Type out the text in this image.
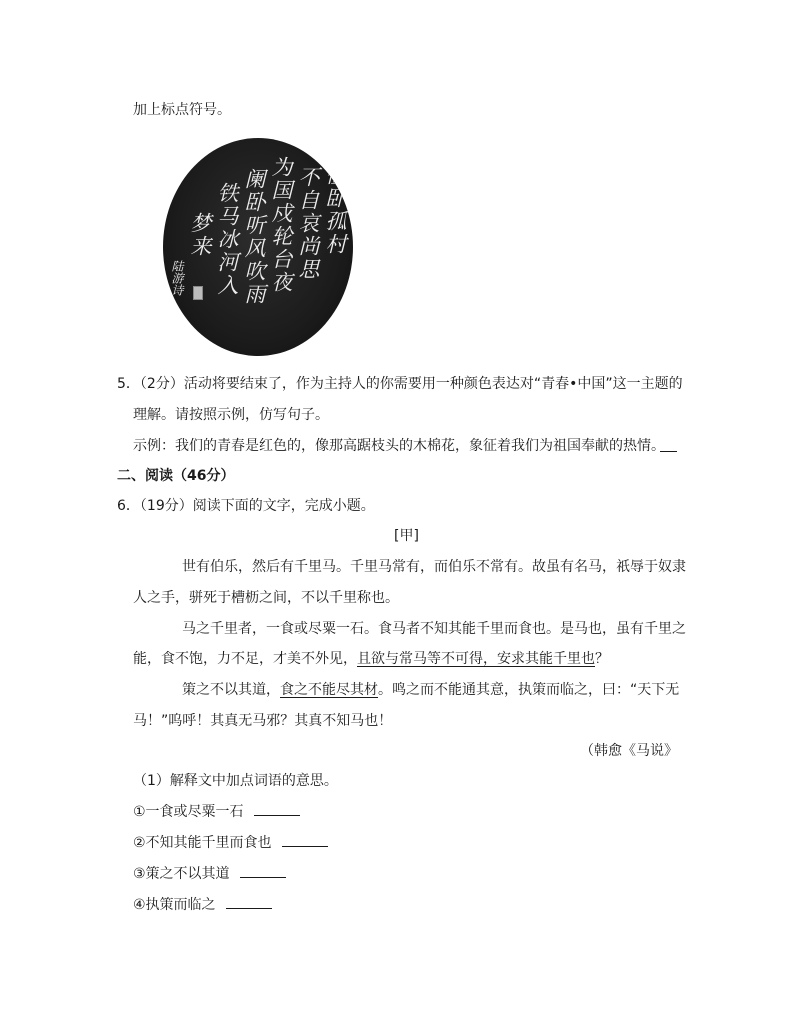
加上标点符号。
僵卧孤村
不自哀尚思
为国戍轮台夜
阑卧听风吹雨
铁马冰河入
梦来
陆游诗
5．（2分）活动将要结束了，作为主持人的你需要用一种颜色表达对“青春•中国”这一主题的
理解。请按照示例，仿写句子。
示例：我们的青春是红色的，像那高踞枝头的木棉花，象征着我们为祖国奉献的热情。
二、阅读（46分）
6．（19分）阅读下面的文字，完成小题。
[甲]
世有伯乐，然后有千里马。千里马常有，而伯乐不常有。故虽有名马，祇辱于奴隶
人之手，骈死于槽枥之间，不以千里称也。
马之千里者，一食或尽粟一石。食马者不知其能千里而食也。是马也，虽有千里之
能，食不饱，力不足，才美不外见，且欲与常马等不可得，安求其能千里也？
策之不以其道，食之不能尽其材。鸣之而不能通其意，执策而临之，曰：“天下无
马！”呜呼！其真无马邪？其真不知马也！
（韩愈《马说》
（1）解释文中加点词语的意思。
①一食或尽粟一石
②不知其能千里而食也
③策之不以其道
④执策而临之
